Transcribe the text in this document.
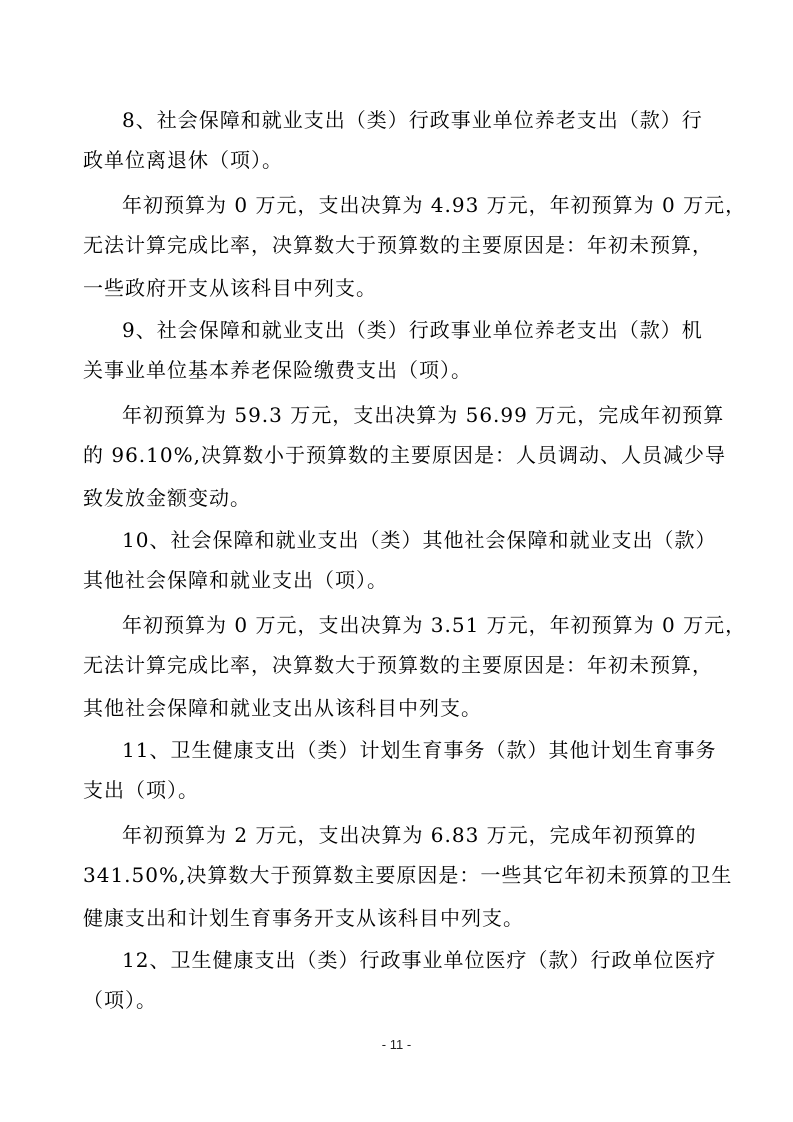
8、社会保障和就业支出（类）行政事业单位养老支出（款）行
政单位离退休（项）。
年初预算为 0 万元，支出决算为 4.93 万元，年初预算为 0 万元，
无法计算完成比率，决算数大于预算数的主要原因是：年初未预算，
一些政府开支从该科目中列支。
9、社会保障和就业支出（类）行政事业单位养老支出（款）机
关事业单位基本养老保险缴费支出（项）。
年初预算为 59.3 万元，支出决算为 56.99 万元，完成年初预算
的 96.10%,决算数小于预算数的主要原因是：人员调动、人员减少导
致发放金额变动。
10、社会保障和就业支出（类）其他社会保障和就业支出（款）
其他社会保障和就业支出（项）。
年初预算为 0 万元，支出决算为 3.51 万元，年初预算为 0 万元，
无法计算完成比率，决算数大于预算数的主要原因是：年初未预算，
其他社会保障和就业支出从该科目中列支。
11、卫生健康支出（类）计划生育事务（款）其他计划生育事务
支出（项）。
年初预算为 2 万元，支出决算为 6.83 万元，完成年初预算的
341.50%,决算数大于预算数主要原因是：一些其它年初未预算的卫生
健康支出和计划生育事务开支从该科目中列支。
12、卫生健康支出（类）行政事业单位医疗（款）行政单位医疗
（项）。
- 11 -
